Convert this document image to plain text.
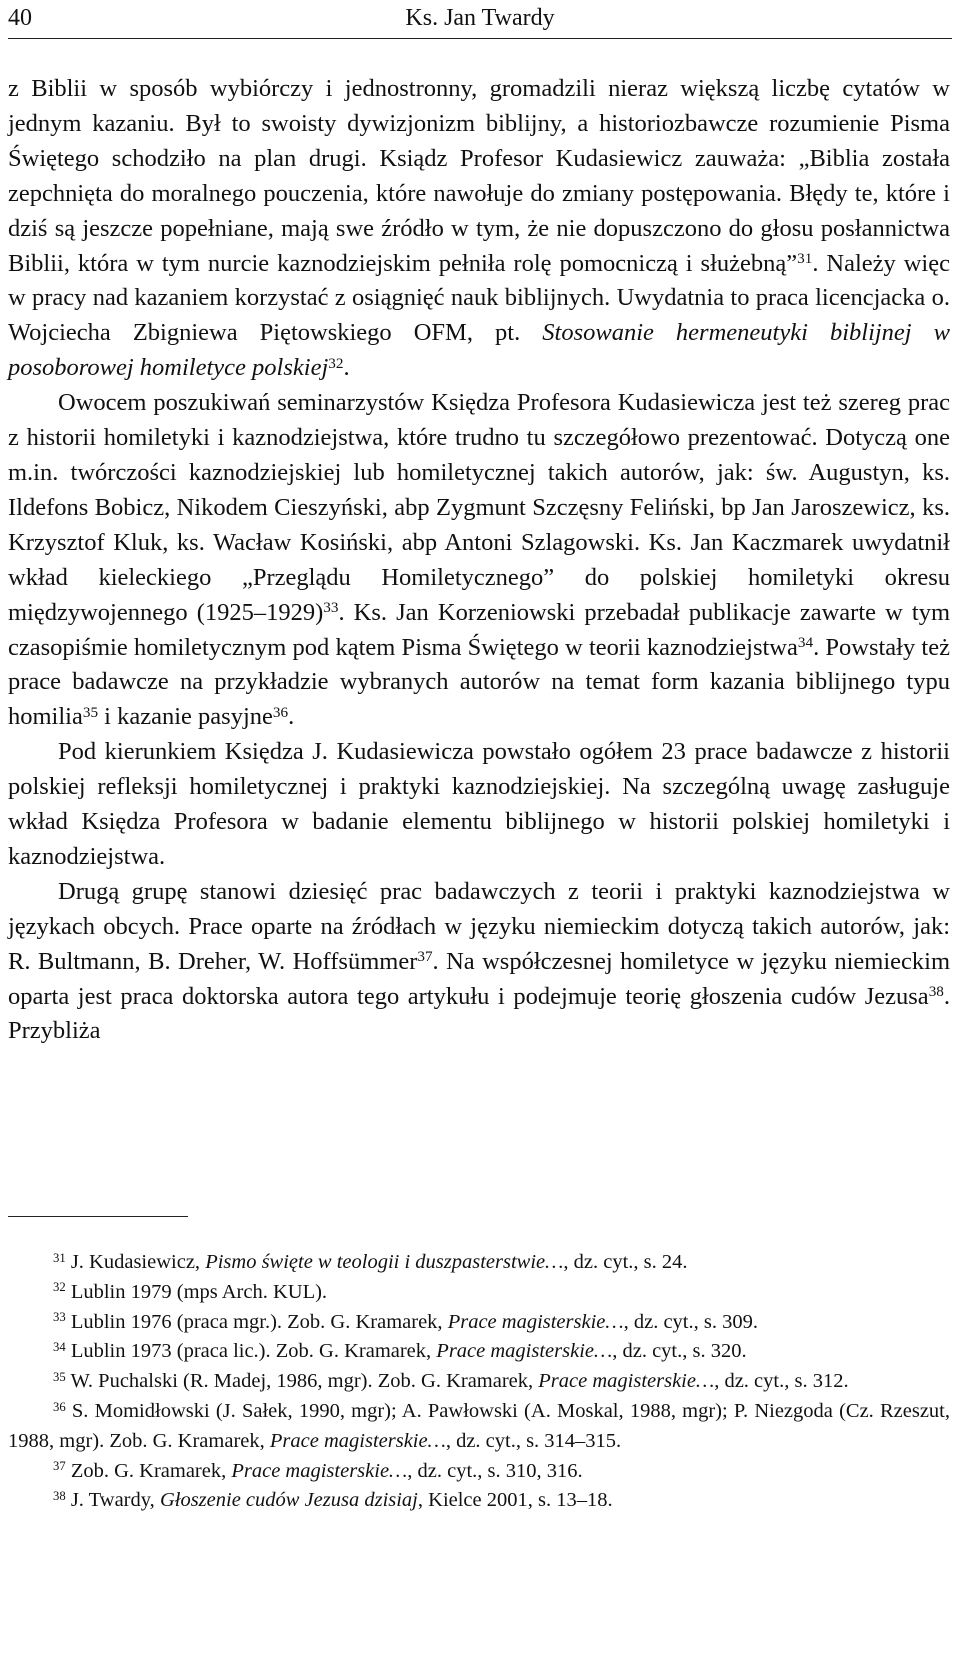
40	Ks. Jan Twardy

z Biblii w sposób wybiórczy i jednostronny, gromadzili nieraz większą liczbę cytatów w jednym kazaniu. Był to swoisty dywizjonizm biblijny, a historiozbawcze rozumienie Pisma Świętego schodziło na plan drugi. Ksiądz Profesor Kudasiewicz zauważa: „Biblia została zepchnięta do moralnego pouczenia, które nawołuje do zmiany postępowania. Błędy te, które i dziś są jeszcze popełniane, mają swe źródło w tym, że nie dopuszczono do głosu posłannictwa Biblii, która w tym nurcie kaznodziejskim pełniła rolę pomocniczą i służebną”$^{31}$. Należy więc w pracy nad kazaniem korzystać z osiągnięć nauk biblijnych. Uwydatnia to praca licencjacka o. Wojciecha Zbigniewa Piętowskiego OFM, pt. Stosowanie hermeneutyki biblijnej w posoborowej homiletyce polskiej$^{32}$.

Owocem poszukiwań seminarzystów Księdza Profesora Kudasiewicza jest też szereg prac z historii homiletyki i kaznodziejstwa, które trudno tu szczegółowo prezentować. Dotyczą one m.in. twórczości kaznodziejskiej lub homiletycznej takich autorów, jak: św. Augustyn, ks. Ildefons Bobicz, Nikodem Cieszyński, abp Zygmunt Szczęsny Feliński, bp Jan Jaroszewicz, ks. Krzysztof Kluk, ks. Wacław Kosiński, abp Antoni Szlagowski. Ks. Jan Kaczmarek uwydatnił wkład kieleckiego „Przeglądu Homiletycznego” do polskiej homiletyki okresu międzywojennego (1925–1929)$^{33}$. Ks. Jan Korzeniowski przebadał publikacje zawarte w tym czasopiśmie homiletycznym pod kątem Pisma Świętego w teorii kaznodziejstwa$^{34}$. Powstały też prace badawcze na przykładzie wybranych autorów na temat form kazania biblijnego typu homilia$^{35}$ i kazanie pasyjne$^{36}$.

Pod kierunkiem Księdza J. Kudasiewicza powstało ogółem 23 prace badawcze z historii polskiej refleksji homiletycznej i praktyki kaznodziejskiej. Na szczególną uwagę zasługuje wkład Księdza Profesora w badanie elementu biblijnego w historii polskiej homiletyki i kaznodziejstwa.

Drugą grupę stanowi dziesięć prac badawczych z teorii i praktyki kaznodziejstwa w językach obcych. Prace oparte na źródłach w języku niemieckim dotyczą takich autorów, jak: R. Bultmann, B. Dreher, W. Hoffsümmer$^{37}$. Na współczesnej homiletyce w języku niemieckim oparta jest praca doktorska autora tego artykułu i podejmuje teorię głoszenia cudów Jezusa$^{38}$. Przybliża

$^{31}$ J. Kudasiewicz, Pismo święte w teologii i duszpasterstwie…, dz. cyt., s. 24.

$^{32}$ Lublin 1979 (mps Arch. KUL).

$^{33}$ Lublin 1976 (praca mgr.). Zob. G. Kramarek, Prace magisterskie…, dz. cyt., s. 309.

$^{34}$ Lublin 1973 (praca lic.). Zob. G. Kramarek, Prace magisterskie…, dz. cyt., s. 320.

$^{35}$ W. Puchalski (R. Madej, 1986, mgr). Zob. G. Kramarek, Prace magisterskie…, dz. cyt., s. 312.

$^{36}$ S. Momidłowski (J. Sałek, 1990, mgr); A. Pawłowski (A. Moskal, 1988, mgr); P. Niezgoda (Cz. Rzeszut, 1988, mgr). Zob. G. Kramarek, Prace magisterskie…, dz. cyt., s. 314–315.

$^{37}$ Zob. G. Kramarek, Prace magisterskie…, dz. cyt., s. 310, 316.

$^{38}$ J. Twardy, Głoszenie cudów Jezusa dzisiaj, Kielce 2001, s. 13–18.
